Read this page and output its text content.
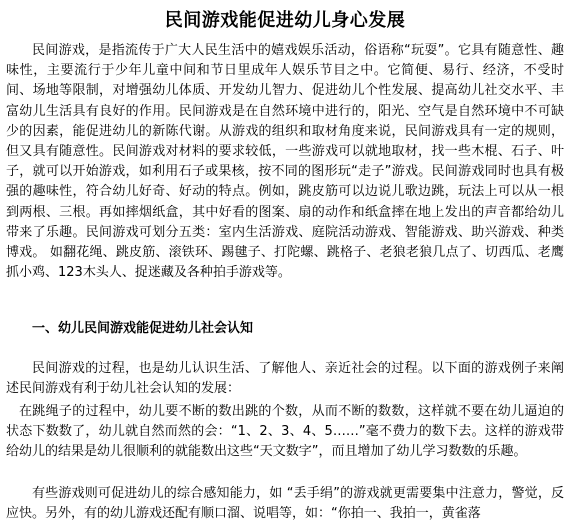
民间游戏能促进幼儿身心发展
民间游戏，是指流传于广大人民生活中的嬉戏娱乐活动，俗语称“玩耍”。它具有随意性、趣味性，主要流行于少年儿童中间和节日里成年人娱乐节目之中。它简便、易行、经济，不受时间、场地等限制，对增强幼儿体质、开发幼儿智力、促进幼儿个性发展、提高幼儿社交水平、丰富幼儿生活具有良好的作用。民间游戏是在自然环境中进行的，阳光、空气是自然环境中不可缺少的因素，能促进幼儿的新陈代谢。从游戏的组织和取材角度来说，民间游戏具有一定的规则，但又具有随意性。民间游戏对材料的要求较低，一些游戏可以就地取材，找一些木棍、石子、叶子，就可以开始游戏，如利用石子或果核，按不同的图形玩“走子”游戏。民间游戏同时也具有极强的趣味性，符合幼儿好奇、好动的特点。例如，跳皮筋可以边说儿歌边跳，玩法上可以从一根到两根、三根。再如摔烟纸盒，其中好看的图案、扇的动作和纸盒摔在地上发出的声音都给幼儿带来了乐趣。民间游戏可划分五类：室内生活游戏、庭院活动游戏、智能游戏、助兴游戏、种类博戏。 如翻花绳、跳皮筋、滚铁环、踢毽子、打陀螺、跳格子、老狼老狼几点了、切西瓜、老鹰抓小鸡、123木头人、捉迷藏及各种拍手游戏等。
一、幼儿民间游戏能促进幼儿社会认知
民间游戏的过程，也是幼儿认识生活、了解他人、亲近社会的过程。以下面的游戏例子来阐述民间游戏有利于幼儿社会认知的发展：
在跳绳子的过程中，幼儿要不断的数出跳的个数，从而不断的数数，这样就不要在幼儿逼迫的状态下数数了，幼儿就自然而然的会：“1、2、3、4、5……”毫不费力的数下去。这样的游戏带给幼儿的结果是幼儿很顺利的就能数出这些“天文数字”，而且增加了幼儿学习数数的乐趣。
有些游戏则可促进幼儿的综合感知能力，如 “丢手绢”的游戏就更需要集中注意力，警觉，反应快。另外，有的幼儿游戏还配有顺口溜、说唱等，如：“你拍一、我拍一，黄雀落
